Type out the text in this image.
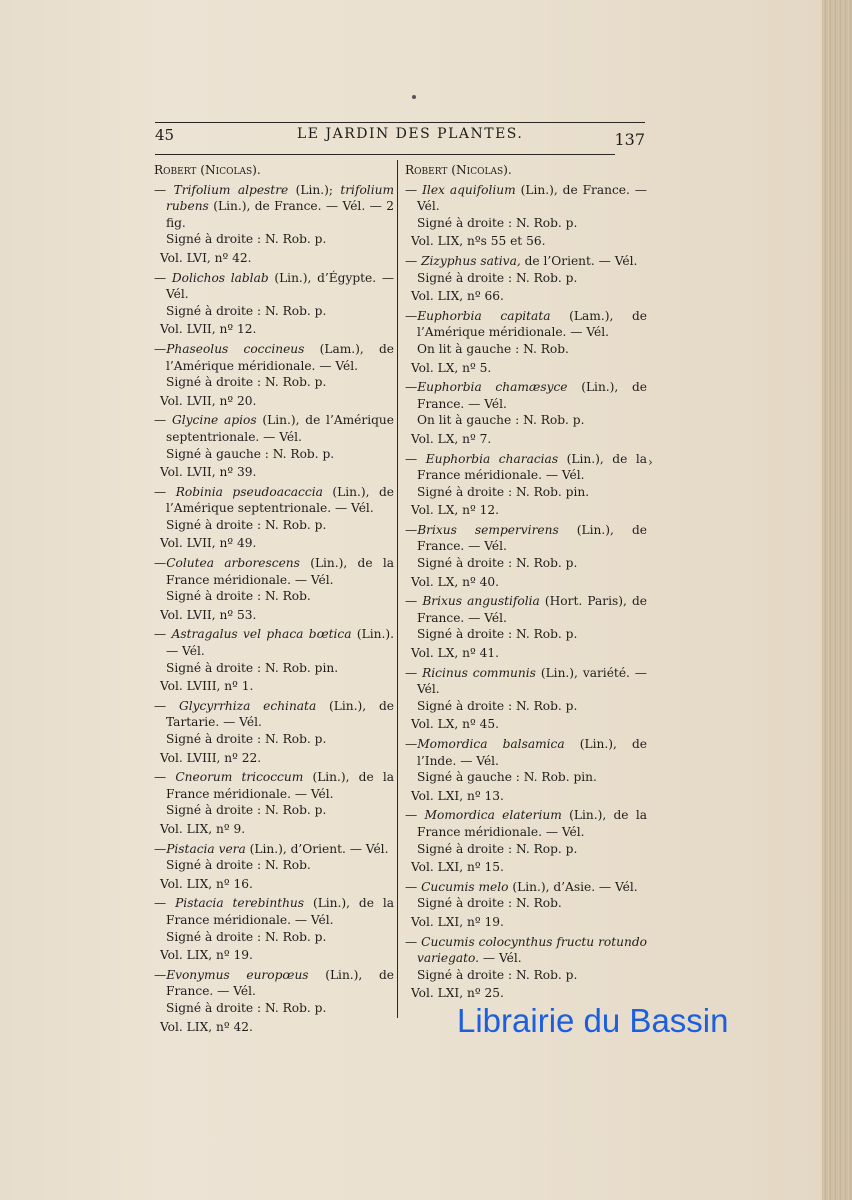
45	LE JARDIN DES PLANTES.	137

Robert (Nicolas).

— Trifolium alpestre (Lin.); trifolium rubens (Lin.), de France. — Vél. — 2 fig.

Signé à droite : N. Rob. p.

Vol. LVI, nº 42.

— Dolichos lablab (Lin.), d’Égypte. — Vél.

Signé à droite : N. Rob. p.

Vol. LVII, nº 12.

—Phaseolus coccineus (Lam.), de l’Amérique méridionale. — Vél.

Signé à droite : N. Rob. p.

Vol. LVII, nº 20.

— Glycine apios (Lin.), de l’Amérique septentrionale. — Vél.

Signé à gauche : N. Rob. p.

Vol. LVII, nº 39.

— Robinia pseudoacaccia (Lin.), de l’Amérique septentrionale. — Vél.

Signé à droite : N. Rob. p.

Vol. LVII, nº 49.

—Colutea arborescens (Lin.), de la France méridionale. — Vél.

Signé à droite : N. Rob.

Vol. LVII, nº 53.

— Astragalus vel phaca bœtica (Lin.). — Vél.

Signé à droite : N. Rob. pin.

Vol. LVIII, nº 1.

— Glycyrrhiza echinata (Lin.), de Tartarie. — Vél.

Signé à droite : N. Rob. p.

Vol. LVIII, nº 22.

— Cneorum tricoccum (Lin.), de la France méridionale. — Vél.

Signé à droite : N. Rob. p.

Vol. LIX, nº 9.

—Pistacia vera (Lin.), d’Orient. — Vél.

Signé à droite : N. Rob.

Vol. LIX, nº 16.

— Pistacia terebinthus (Lin.), de la France méridionale. — Vél.

Signé à droite : N. Rob. p.

Vol. LIX, nº 19.

—Evonymus europœus (Lin.), de France. — Vél.

Signé à droite : N. Rob. p.

Vol. LIX, nº 42.

Robert (Nicolas).

— Ilex aquifolium (Lin.), de France. — Vél.

Signé à droite : N. Rob. p.

Vol. LIX, nºs 55 et 56.

— Zizyphus sativa, de l’Orient. — Vél.

Signé à droite : N. Rob. p.

Vol. LIX, nº 66.

—Euphorbia capitata (Lam.), de l’Amérique méridionale. — Vél.

On lit à gauche : N. Rob.

Vol. LX, nº 5.

—Euphorbia chamæsyce (Lin.), de France. — Vél.

On lit à gauche : N. Rob. p.

Vol. LX, nº 7.

— Euphorbia characias (Lin.), de la France méridionale. — Vél.

Signé à droite : N. Rob. pin.

Vol. LX, nº 12.

—Brixus sempervirens (Lin.), de France. — Vél.

Signé à droite : N. Rob. p.

Vol. LX, nº 40.

— Brixus angustifolia (Hort. Paris), de France. — Vél.

Signé à droite : N. Rob. p.

Vol. LX, nº 41.

— Ricinus communis (Lin.), variété. — Vél.

Signé à droite : N. Rob. p.

Vol. LX, nº 45.

—Momordica balsamica (Lin.), de l’Inde. — Vél.

Signé à gauche : N. Rob. pin.

Vol. LXI, nº 13.

— Momordica elaterium (Lin.), de la France méridionale. — Vél.

Signé à droite : N. Rop. p.

Vol. LXI, nº 15.

— Cucumis melo (Lin.), d’Asie. — Vél.

Signé à droite : N. Rob.

Vol. LXI, nº 19.

— Cucumis colocynthus fructu rotundo variegato. — Vél.

Signé à droite : N. Rob. p.

Vol. LXI, nº 25.

›
Librairie du Bassin
